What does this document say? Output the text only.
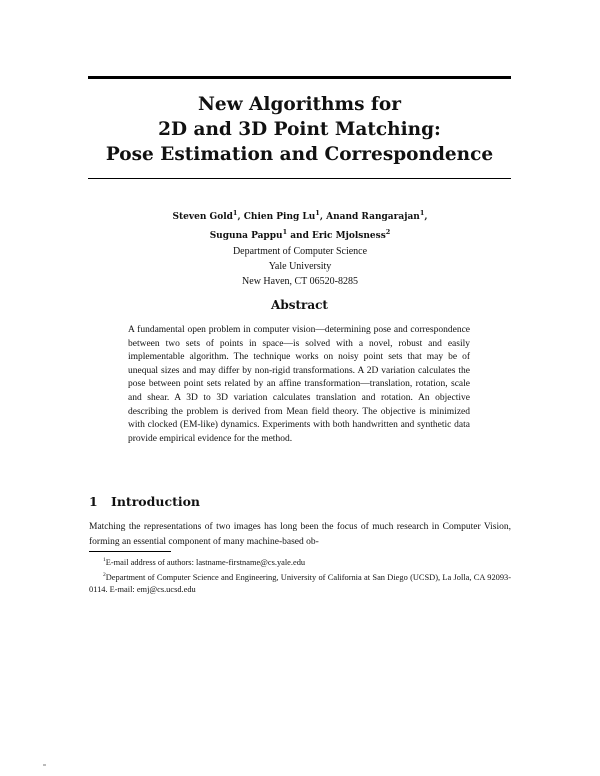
New Algorithms for
2D and 3D Point Matching:
Pose Estimation and Correspondence
Steven Gold$^1$, Chien Ping Lu$^1$, Anand Rangarajan$^1$,
Suguna Pappu$^1$ and Eric Mjolsness$^2$
Department of Computer Science
Yale University
New Haven, CT 06520-8285
Abstract
A fundamental open problem in computer vision—determining pose and correspondence between two sets of points in space—is solved with a novel, robust and easily implementable algorithm. The technique works on noisy point sets that may be of unequal sizes and may differ by non-rigid transformations. A 2D variation calculates the pose between point sets related by an affine transformation—translation, rotation, scale and shear. A 3D to 3D variation calculates translation and rotation. An objective describing the problem is derived from Mean field theory. The objective is minimized with clocked (EM-like) dynamics. Experiments with both handwritten and synthetic data provide empirical evidence for the method.
1 Introduction
Matching the representations of two images has long been the focus of much research in Computer Vision, forming an essential component of many machine-based ob-
$^1$E-mail address of authors: lastname-firstname@cs.yale.edu
$^2$Department of Computer Science and Engineering, University of California at San Diego (UCSD), La Jolla, CA 92093-0114. E-mail: emj@cs.ucsd.edu
